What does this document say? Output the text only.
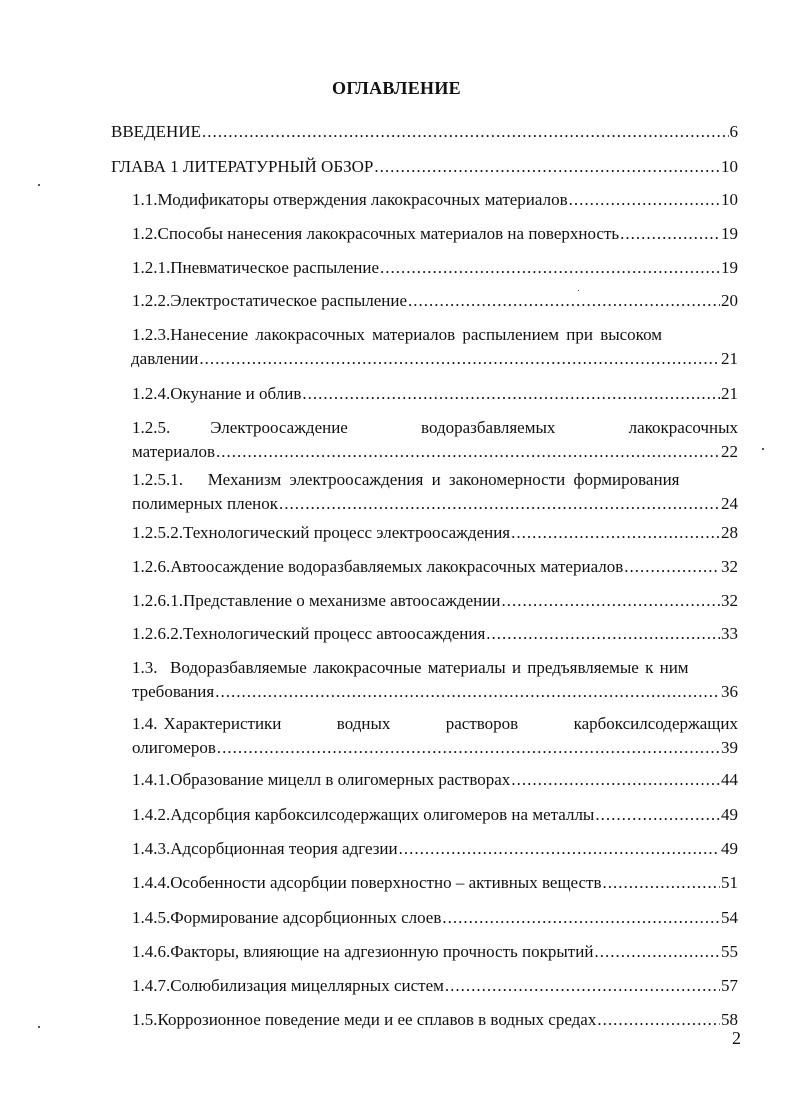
ОГЛАВЛЕНИЕ
ВВЕДЕНИЕ .....	6
ГЛАВА 1 ЛИТЕРАТУРНЫЙ ОБЗОР .....	10
1.1. Модификаторы отверждения лакокрасочных материалов .....	10
1.2. Способы нанесения лакокрасочных материалов на поверхность .....	19
1.2.1. Пневматическое распыление .....	19
1.2.2. Электростатическое распыление .....	20
1.2.3.Нанесение лакокрасочных материалов распылением при высоком
давлении .....	21
1.2.4. Окунание и облив .....	21
1.2.5. Электроосаждение	водоразбавляемых	лакокрасочных
материалов .....	22
1.2.5.1. Механизм электроосаждения и закономерности формирования
полимерных пленок .....	24
1.2.5.2. Технологический процесс электроосаждения .....	28
1.2.6. Автоосаждение водоразбавляемых лакокрасочных материалов .....	32
1.2.6.1. Представление о механизме автоосаждении .....	32
1.2.6.2. Технологический процесс автоосаждения .....	33
1.3. Водоразбавляемые лакокрасочные материалы и предъявляемые к ним
требования .....	36
1.4. Характеристики	водных	растворов	карбоксилсодержащих
олигомеров .....	39
1.4.1. Образование мицелл в олигомерных растворах .....	44
1.4.2. Адсорбция карбоксилсодержащих олигомеров на металлы .....	49
1.4.3. Адсорбционная теория адгезии .....	49
1.4.4. Особенности адсорбции поверхностно – активных веществ .....	51
1.4.5. Формирование адсорбционных слоев .....	54
1.4.6. Факторы, влияющие на адгезионную прочность покрытий .....	55
1.4.7. Солюбилизация мицеллярных систем .....	57
1.5. Коррозионное поведение меди и ее сплавов в водных средах .....	58
2
